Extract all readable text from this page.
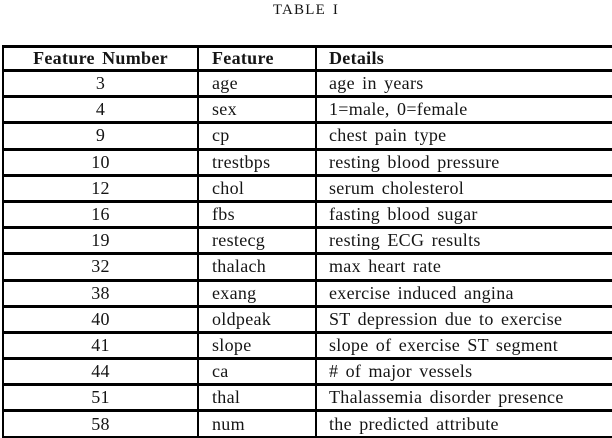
TABLE I
Feature Number	Feature	Details
3	age	age in years
4	sex	1=male, 0=female
9	cp	chest pain type
10	trestbps	resting blood pressure
12	chol	serum cholesterol
16	fbs	fasting blood sugar
19	restecg	resting ECG results
32	thalach	max heart rate
38	exang	exercise induced angina
40	oldpeak	ST depression due to exercise
41	slope	slope of exercise ST segment
44	ca	# of major vessels
51	thal	Thalassemia disorder presence
58	num	the predicted attribute
